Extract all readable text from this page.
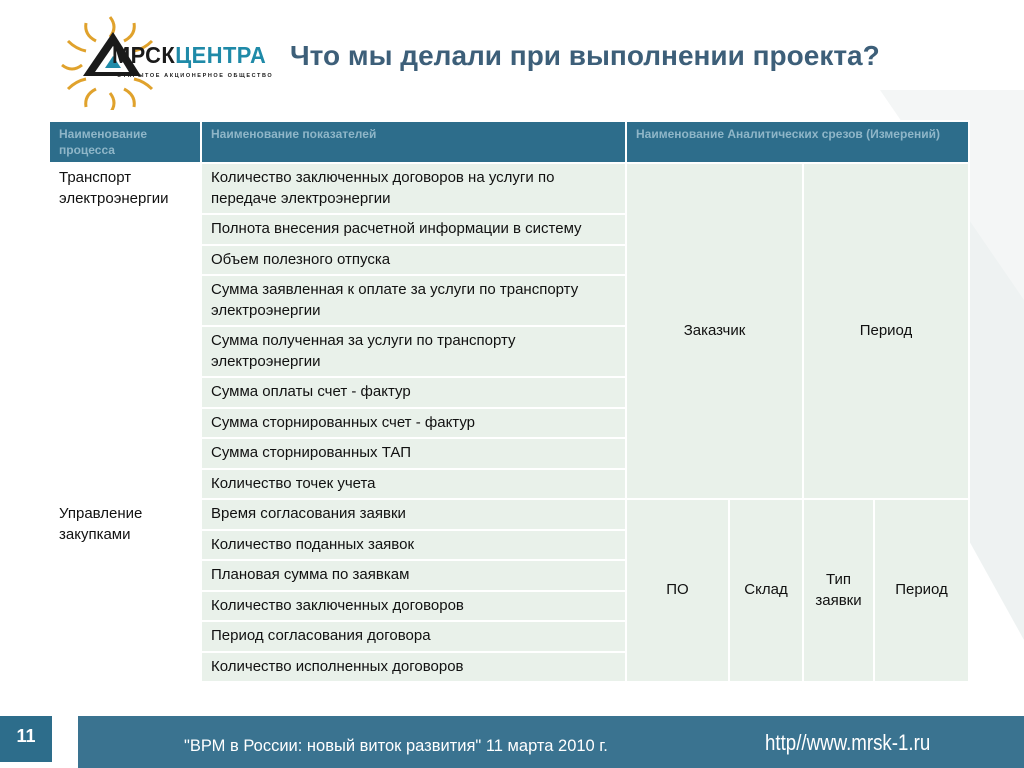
МРСКЦЕНТРА
ОТКРЫТОЕ АКЦИОНЕРНОЕ ОБЩЕСТВО
Что мы делали при выполнении проекта?
Наименование процесса	Наименование показателей	Наименование Аналитических срезов (Измерений)			
Транспорт электроэнергии	Количество заключенных договоров на услуги по передаче электроэнергии	Заказчик		Период	
	Полнота внесения расчетной информации в систему				
	Объем полезного отпуска				
	Сумма заявленная к оплате за услуги по транспорту электроэнергии				
	Сумма полученная за услуги по транспорту электроэнергии				
	Сумма оплаты счет - фактур				
	Сумма сторнированных счет - фактур				
	Сумма сторнированных ТАП				
	Количество точек учета				
Управление закупками	Время согласования заявки	ПО	Склад	Тип заявки	Период
	Количество поданных заявок				
	Плановая сумма по заявкам				
	Количество заключенных договоров				
	Период согласования договора				
	Количество исполненных договоров				
11	"ВРМ в России: новый виток развития" 11 марта 2010 г.	http//www.mrsk-1.ru
